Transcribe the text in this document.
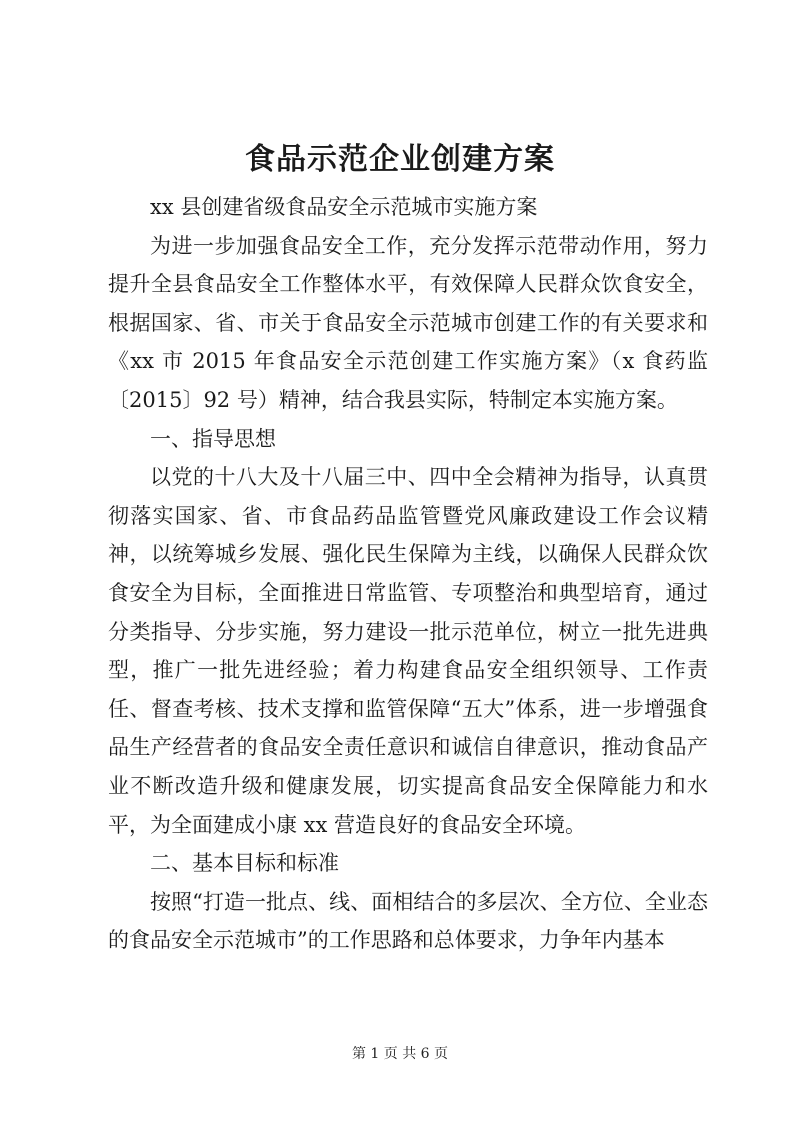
食品示范企业创建方案

xx 县创建省级食品安全示范城市实施方案

为进一步加强食品安全工作，充分发挥示范带动作用，努力提升全县食品安全工作整体水平，有效保障人民群众饮食安全，根据国家、省、市关于食品安全示范城市创建工作的有关要求和《xx 市 2015 年食品安全示范创建工作实施方案》（x 食药监〔2015〕92 号）精神，结合我县实际，特制定本实施方案。

一、指导思想

以党的十八大及十八届三中、四中全会精神为指导，认真贯彻落实国家、省、市食品药品监管暨党风廉政建设工作会议精神，以统筹城乡发展、强化民生保障为主线，以确保人民群众饮食安全为目标，全面推进日常监管、专项整治和典型培育，通过分类指导、分步实施，努力建设一批示范单位，树立一批先进典型，推广一批先进经验；着力构建食品安全组织领导、工作责任、督查考核、技术支撑和监管保障“五大”体系，进一步增强食品生产经营者的食品安全责任意识和诚信自律意识，推动食品产业不断改造升级和健康发展，切实提高食品安全保障能力和水平，为全面建成小康 xx 营造良好的食品安全环境。

二、基本目标和标准

按照“打造一批点、线、面相结合的多层次、全方位、全业态的食品安全示范城市”的工作思路和总体要求，力争年内基本

第 1 页 共 6 页
